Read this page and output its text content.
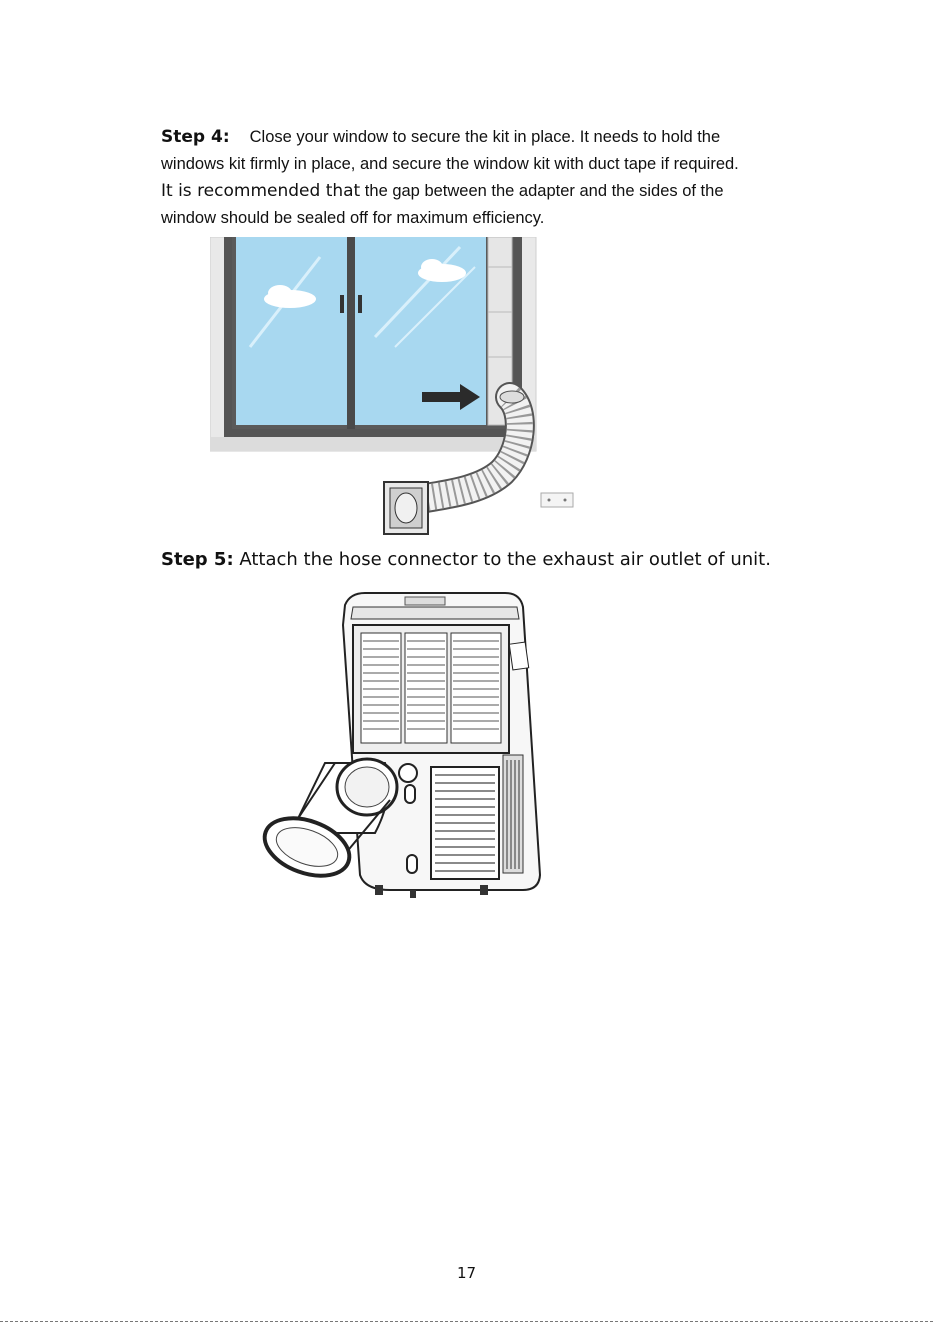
Step 4: Close your window to secure the kit in place. It needs to hold the
windows kit firmly in place, and secure the window kit with duct tape if required.
It is recommended that the gap between the adapter and the sides of the
window should be sealed off for maximum efficiency.
Step 5: Attach the hose connector to the exhaust air outlet of unit.
17
